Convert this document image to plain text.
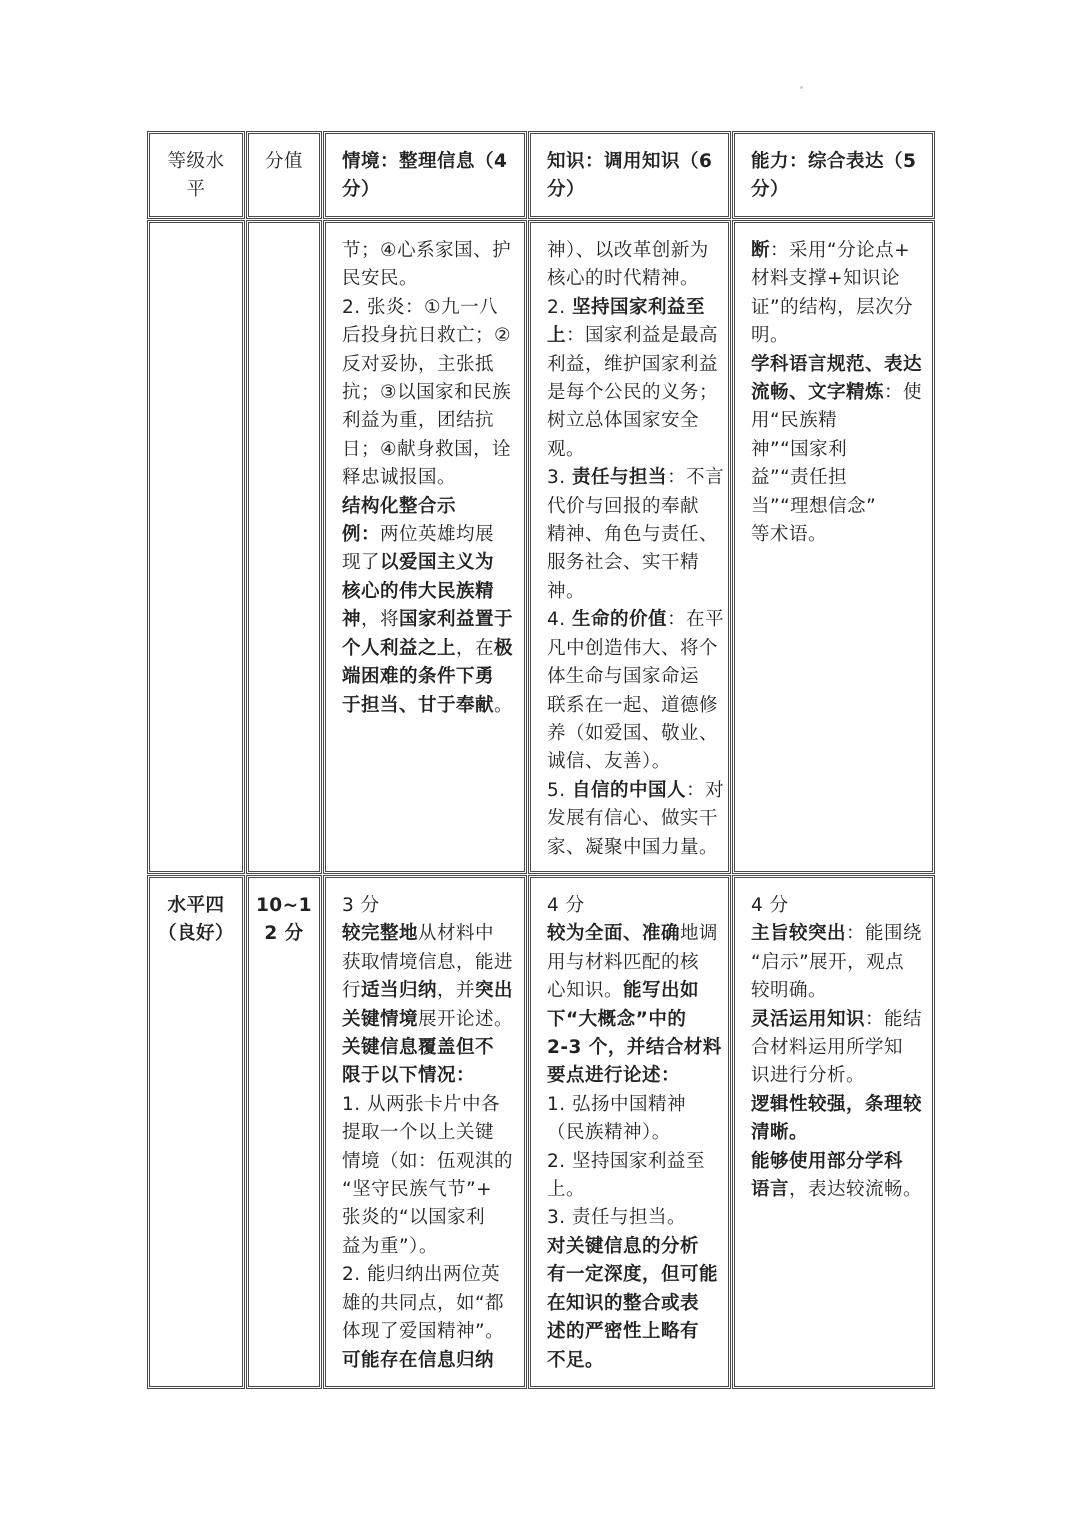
等级水
平
分值	情境：整理信息（4
分）
知识：调用知识（6
分）
能力：综合表达（5
分）
节；④心系家国、护
民安民。
2. 张炎：①九一八
后投身抗日救亡；②
反对妥协，主张抵
抗；③以国家和民族
利益为重，团结抗
日；④献身救国，诠
释忠诚报国。
结构化整合示
例：两位英雄均展
现了以爱国主义为
核心的伟大民族精
神，将国家利益置于
个人利益之上，在极
端困难的条件下勇
于担当、甘于奉献。
神）、以改革创新为
核心的时代精神。
2. 坚持国家利益至
上：国家利益是最高
利益，维护国家利益
是每个公民的义务；
树立总体国家安全
观。
3. 责任与担当：不言
代价与回报的奉献
精神、角色与责任、
服务社会、实干精
神。
4. 生命的价值：在平
凡中创造伟大、将个
体生命与国家命运
联系在一起、道德修
养（如爱国、敬业、
诚信、友善）。
5. 自信的中国人：对
发展有信心、做实干
家、凝聚中国力量。
断：采用“分论点+
材料支撑+知识论
证”的结构，层次分
明。
学科语言规范、表达
流畅、文字精炼：使
用“民族精
神”“国家利
益”“责任担
当”“理想信念”
等术语。
水平四
（良好）
10~1
2 分
3 分
较完整地从材料中
获取情境信息，能进
行适当归纳，并突出
关键情境展开论述。
关键信息覆盖但不
限于以下情况：
1. 从两张卡片中各
提取一个以上关键
情境（如：伍观淇的
“坚守民族气节”+
张炎的“以国家利
益为重”）。
2. 能归纳出两位英
雄的共同点，如“都
体现了爱国精神”。
可能存在信息归纳
4 分
较为全面、准确地调
用与材料匹配的核
心知识。能写出如
下“大概念”中的
2-3 个，并结合材料
要点进行论述：
1. 弘扬中国精神
（民族精神）。
2. 坚持国家利益至
上。
3. 责任与担当。
对关键信息的分析
有一定深度，但可能
在知识的整合或表
述的严密性上略有
不足。
4 分
主旨较突出：能围绕
“启示”展开，观点
较明确。
灵活运用知识：能结
合材料运用所学知
识进行分析。
逻辑性较强，条理较
清晰。
能够使用部分学科
语言，表达较流畅。
